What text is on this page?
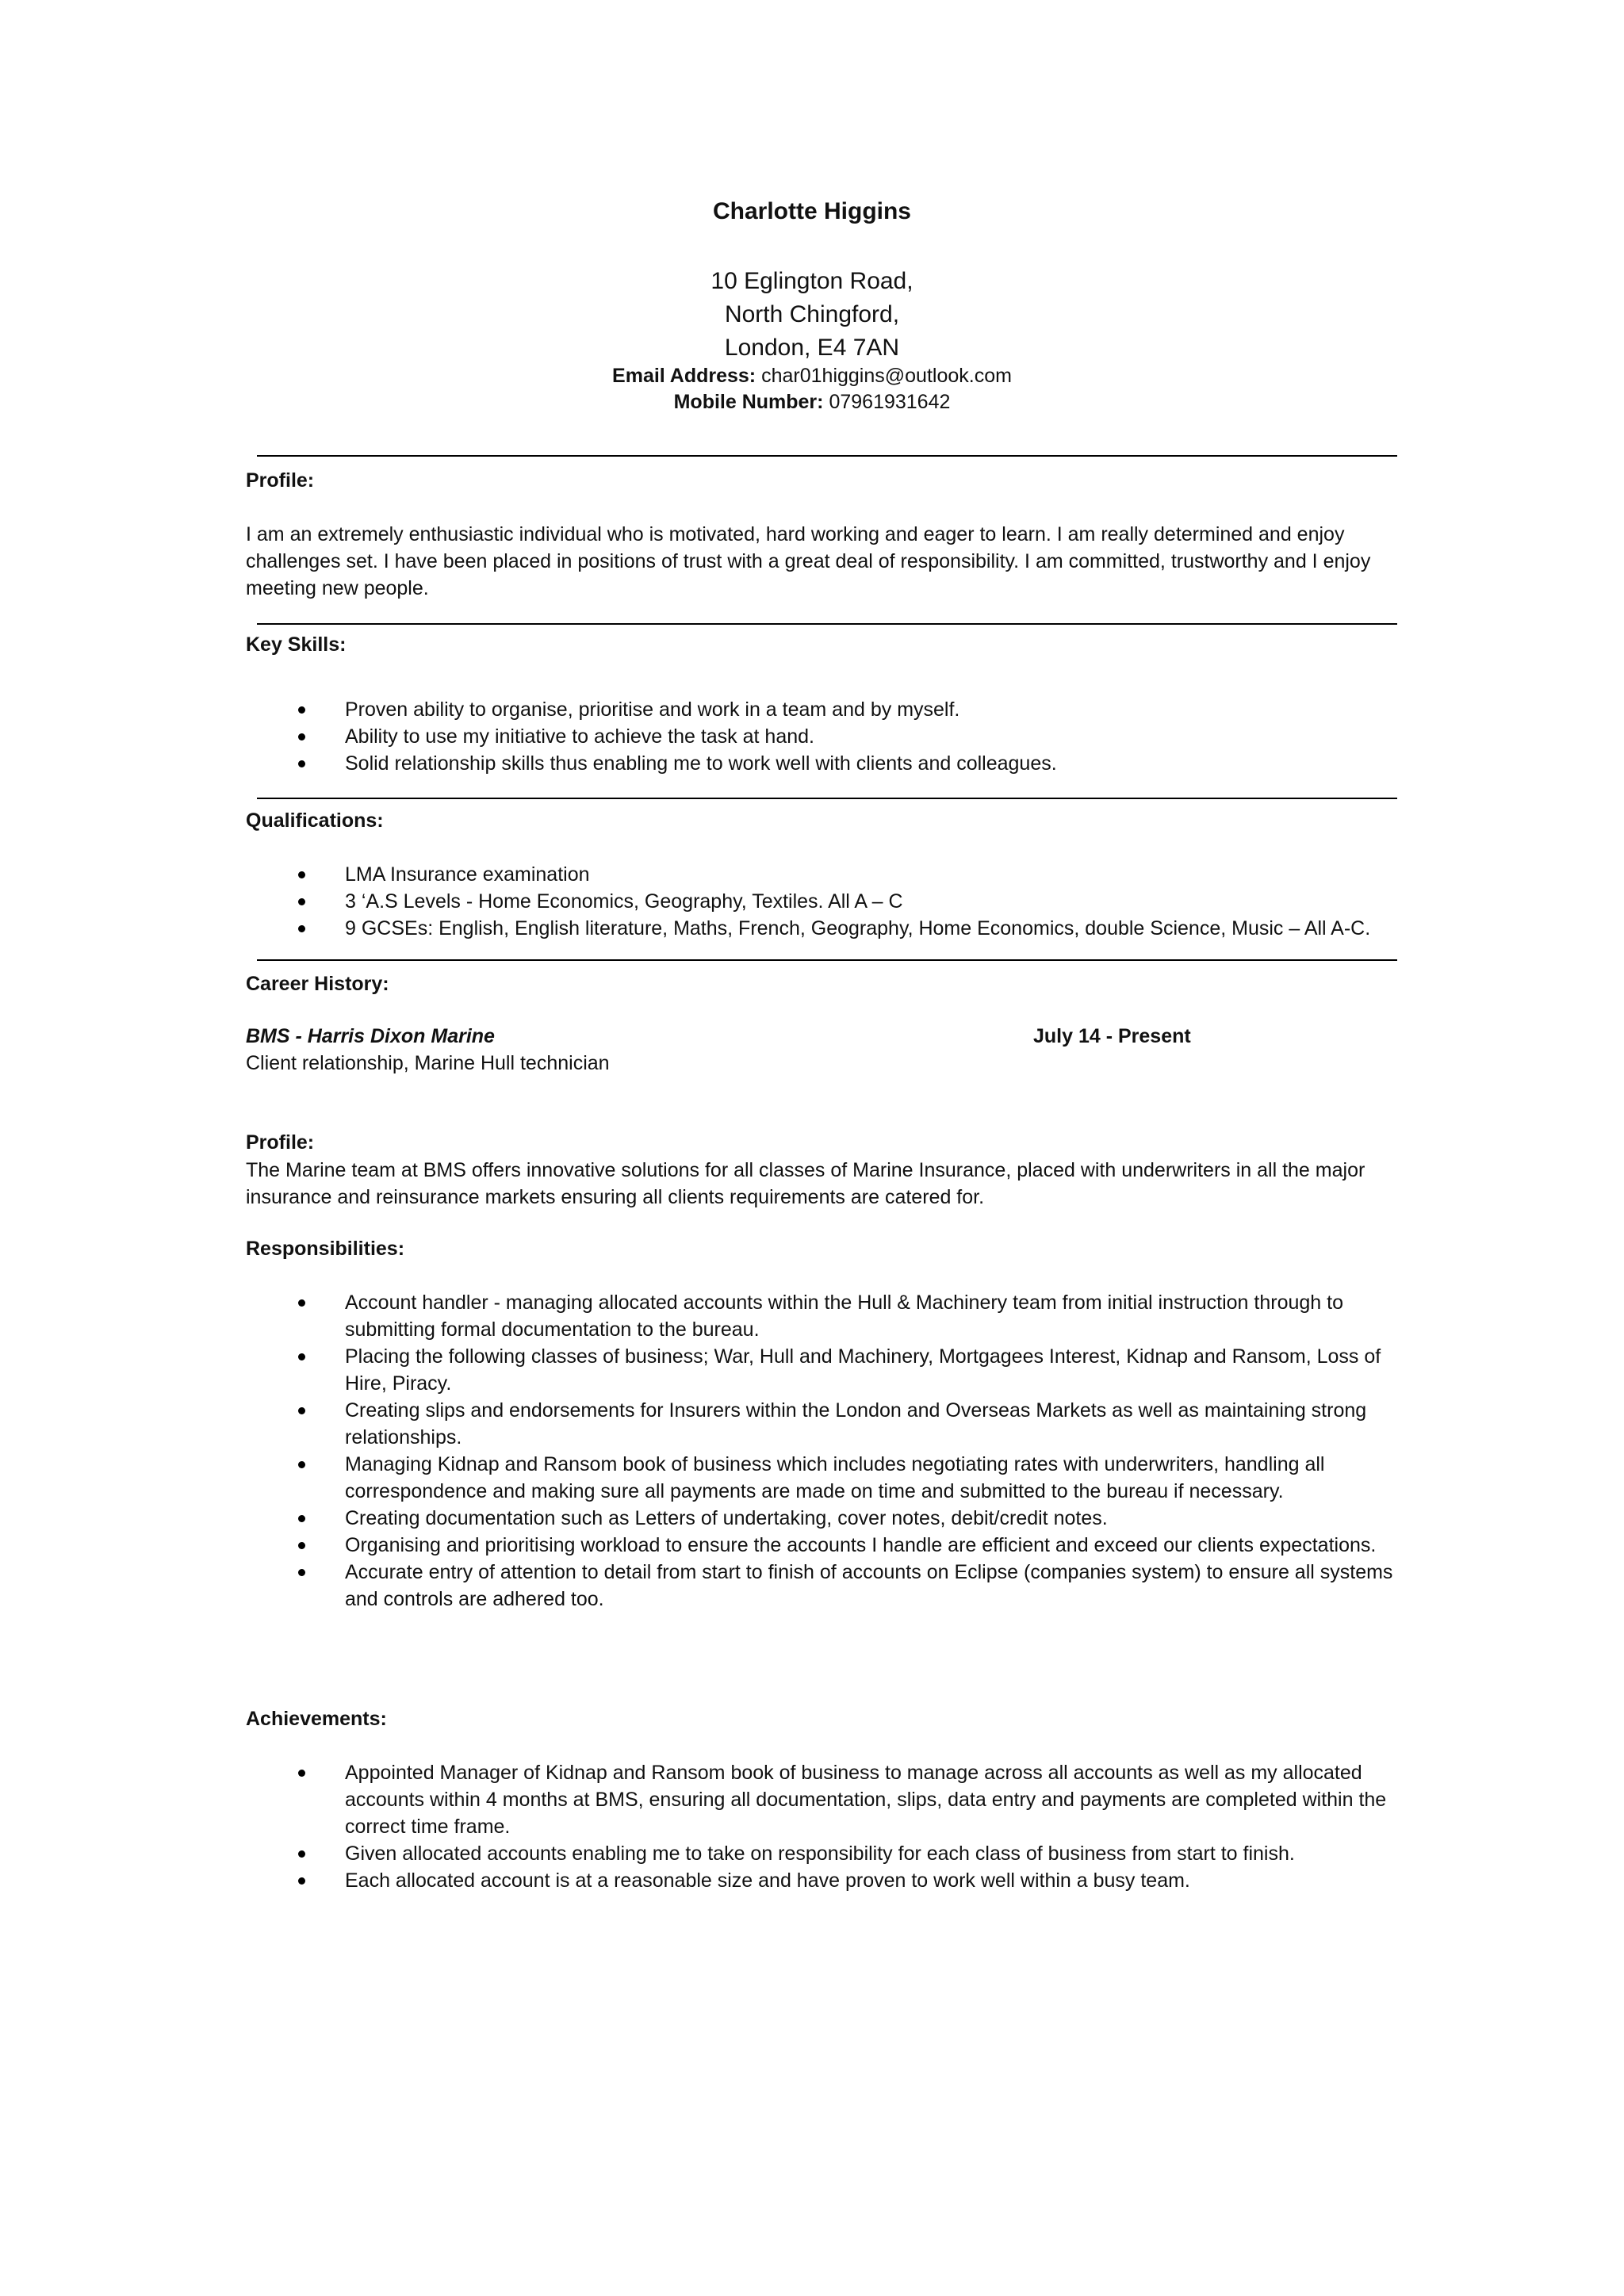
Charlotte Higgins
10 Eglington Road,
North Chingford,
London, E4 7AN
Email Address: char01higgins@outlook.com
Mobile Number: 07961931642
Profile:
I am an extremely enthusiastic individual who is motivated, hard working and eager to learn. I am really determined and enjoy challenges set. I have been placed in positions of trust with a great deal of responsibility. I am committed, trustworthy and I enjoy meeting new people.
Key Skills:
Proven ability to organise, prioritise and work in a team and by myself.
Ability to use my initiative to achieve the task at hand.
Solid relationship skills thus enabling me to work well with clients and colleagues.
Qualifications:
LMA Insurance examination
3 ‘A.S Levels - Home Economics, Geography, Textiles. All A – C
9 GCSEs: English, English literature, Maths, French, Geography, Home Economics, double Science, Music – All A-C.
Career History:
BMS - Harris Dixon Marine	July 14 - Present
Client relationship, Marine Hull technician
Profile:
The Marine team at BMS offers innovative solutions for all classes of Marine Insurance, placed with underwriters in all the major insurance and reinsurance markets ensuring all clients requirements are catered for.
Responsibilities:
Account handler - managing allocated accounts within the Hull & Machinery team from initial instruction through to submitting formal documentation to the bureau.
Placing the following classes of business; War, Hull and Machinery, Mortgagees Interest, Kidnap and Ransom, Loss of Hire, Piracy.
Creating slips and endorsements for Insurers within the London and Overseas Markets as well as maintaining strong relationships.
Managing Kidnap and Ransom book of business which includes negotiating rates with underwriters, handling all correspondence and making sure all payments are made on time and submitted to the bureau if necessary.
Creating documentation such as Letters of undertaking, cover notes, debit/credit notes.
Organising and prioritising workload to ensure the accounts I handle are efficient and exceed our clients expectations.
Accurate entry of attention to detail from start to finish of accounts on Eclipse (companies system) to ensure all systems and controls are adhered too.
Achievements:
Appointed Manager of Kidnap and Ransom book of business to manage across all accounts as well as my allocated accounts within 4 months at BMS, ensuring all documentation, slips, data entry and payments are completed within the correct time frame.
Given allocated accounts enabling me to take on responsibility for each class of business from start to finish.
Each allocated account is at a reasonable size and have proven to work well within a busy team.
